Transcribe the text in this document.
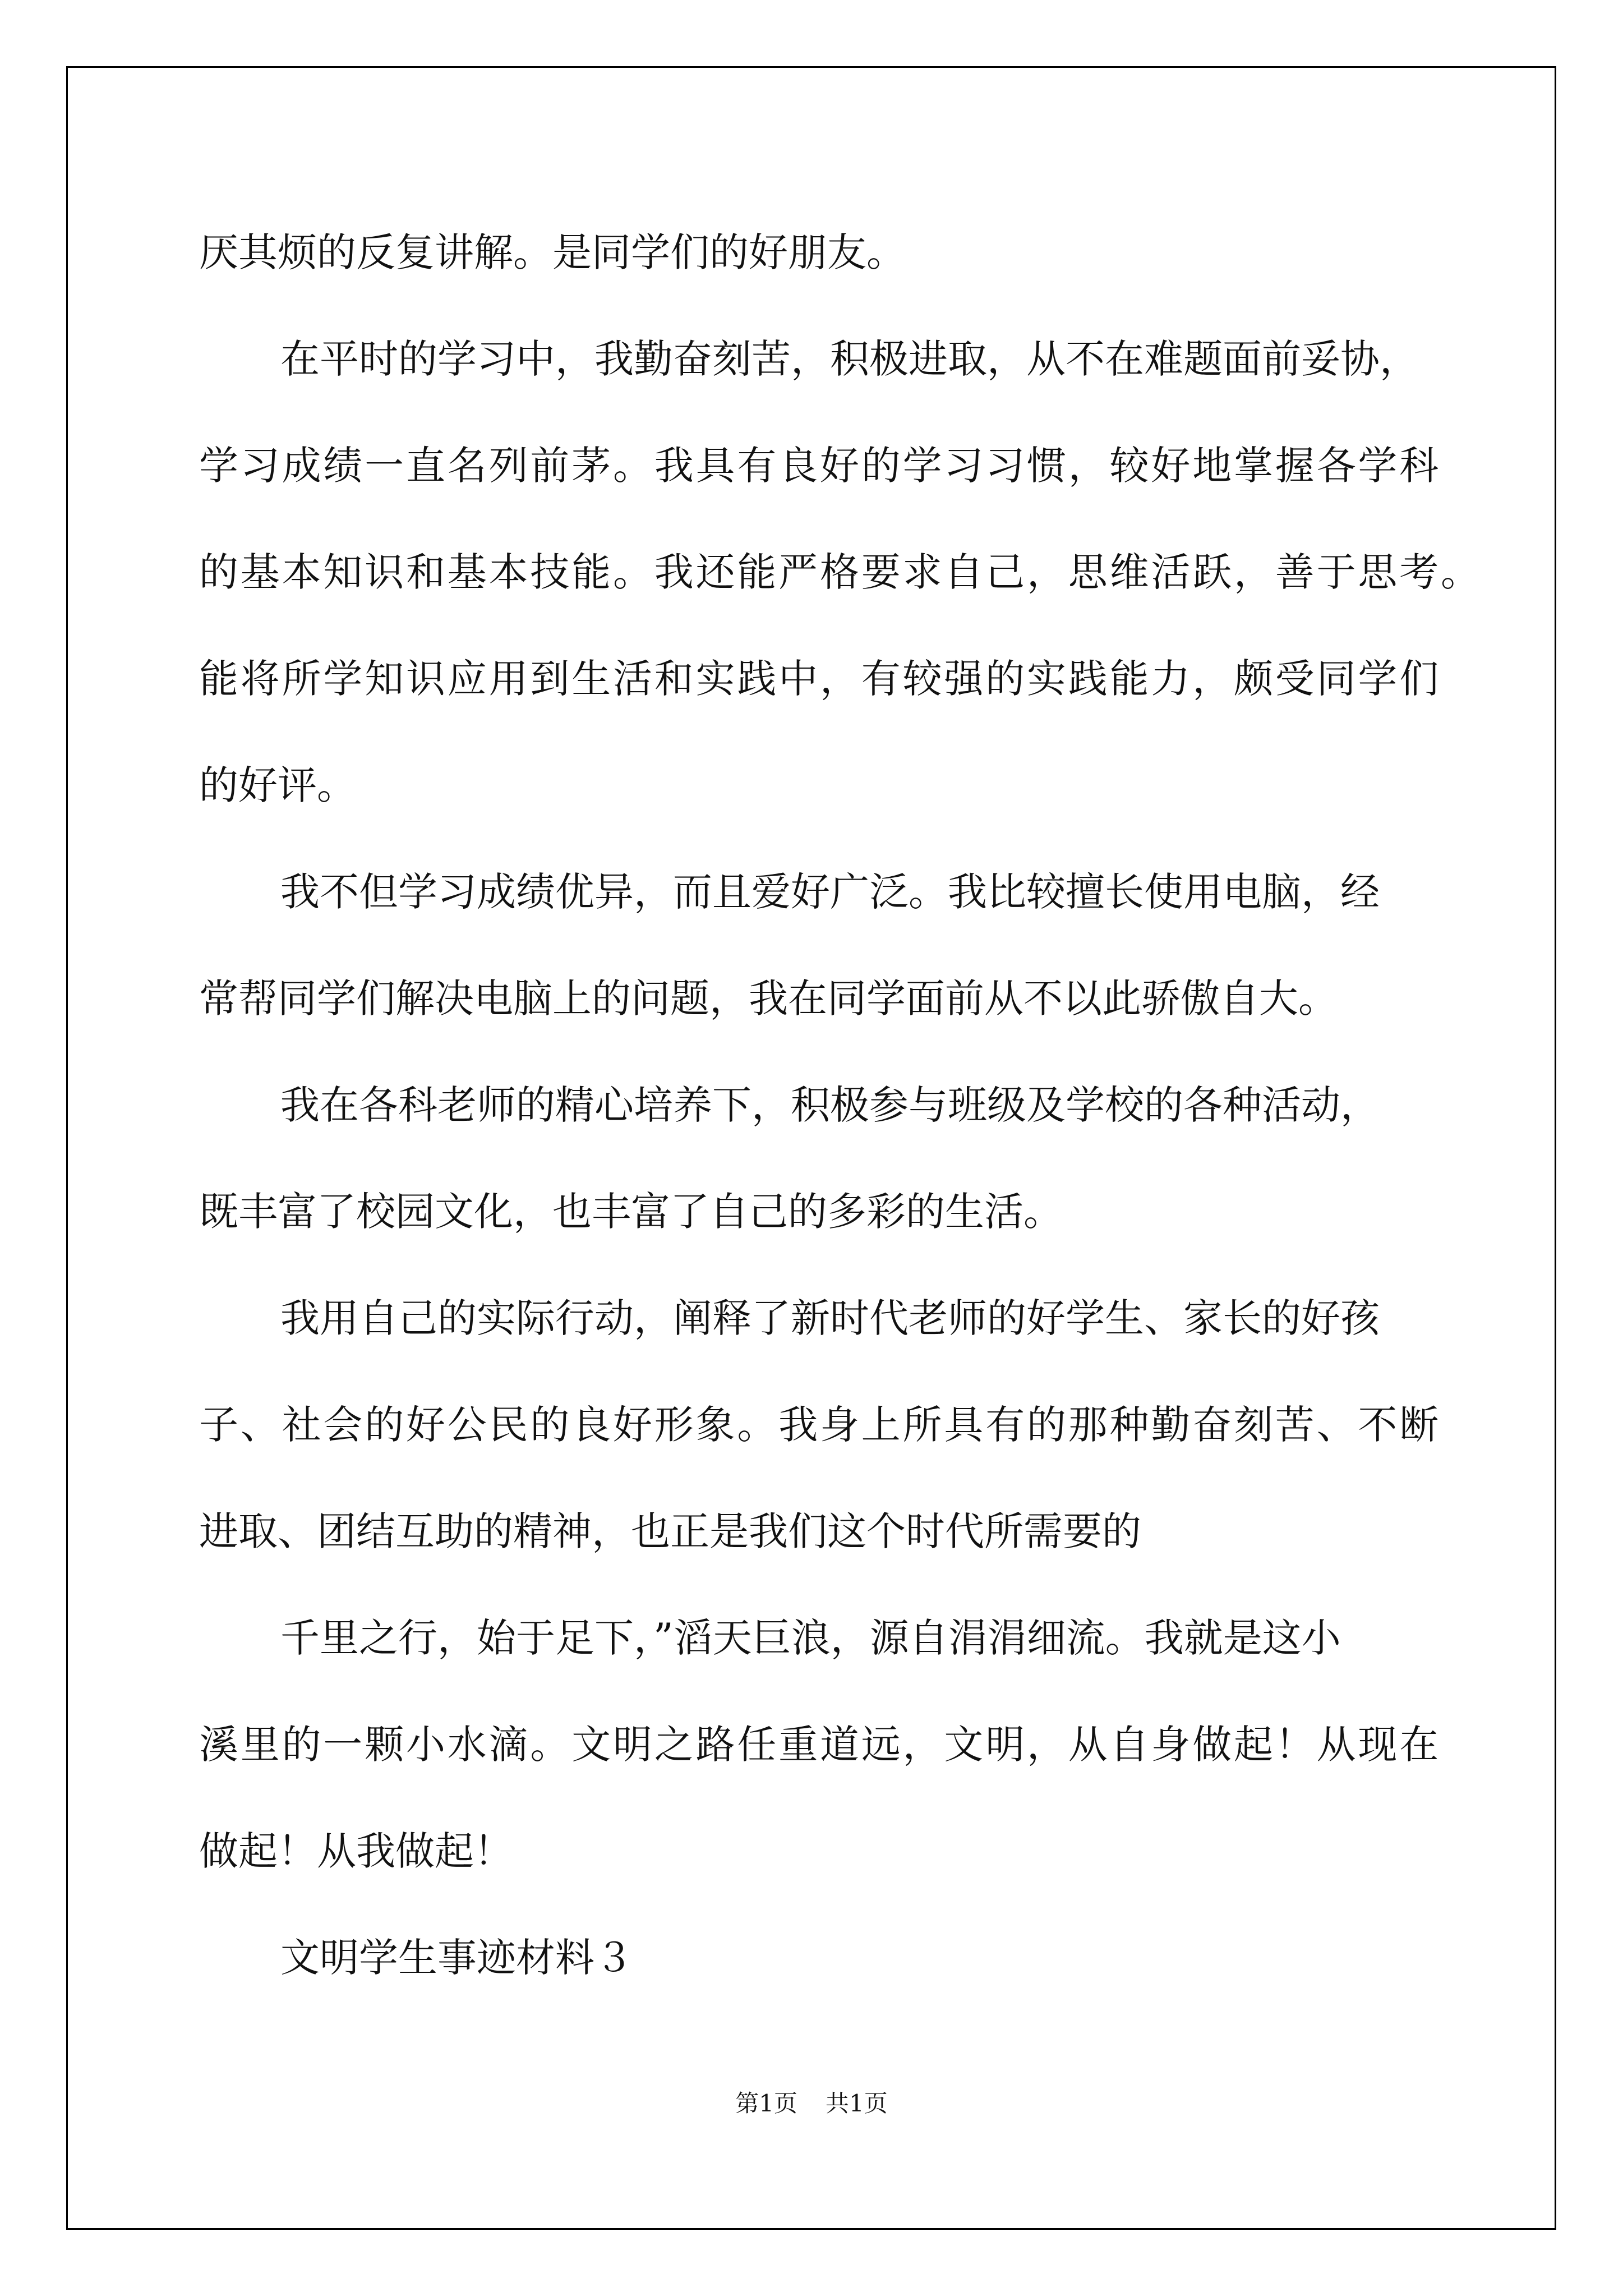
厌其烦的反复讲解。是同学们的好朋友。

在平时的学习中，我勤奋刻苦，积极进取，从不在难题面前妥协，

学习成绩一直名列前茅。我具有良好的学习习惯，较好地掌握各学科

的基本知识和基本技能。我还能严格要求自己，思维活跃，善于思考。

能将所学知识应用到生活和实践中，有较强的实践能力，颇受同学们

的好评。

我不但学习成绩优异，而且爱好广泛。我比较擅长使用电脑，经

常帮同学们解决电脑上的问题，我在同学面前从不以此骄傲自大。

我在各科老师的精心培养下，积极参与班级及学校的各种活动，

既丰富了校园文化，也丰富了自己的多彩的生活。

我用自己的实际行动，阐释了新时代老师的好学生、家长的好孩

子、社会的好公民的良好形象。我身上所具有的那种勤奋刻苦、不断

进取、团结互助的精神，也正是我们这个时代所需要的

千里之行，始于足下，”滔天巨浪，源自涓涓细流。我就是这小

溪里的一颗小水滴。文明之路任重道远，文明，从自身做起！从现在

做起！从我做起！

文明学生事迹材料３

第1页 共1页
